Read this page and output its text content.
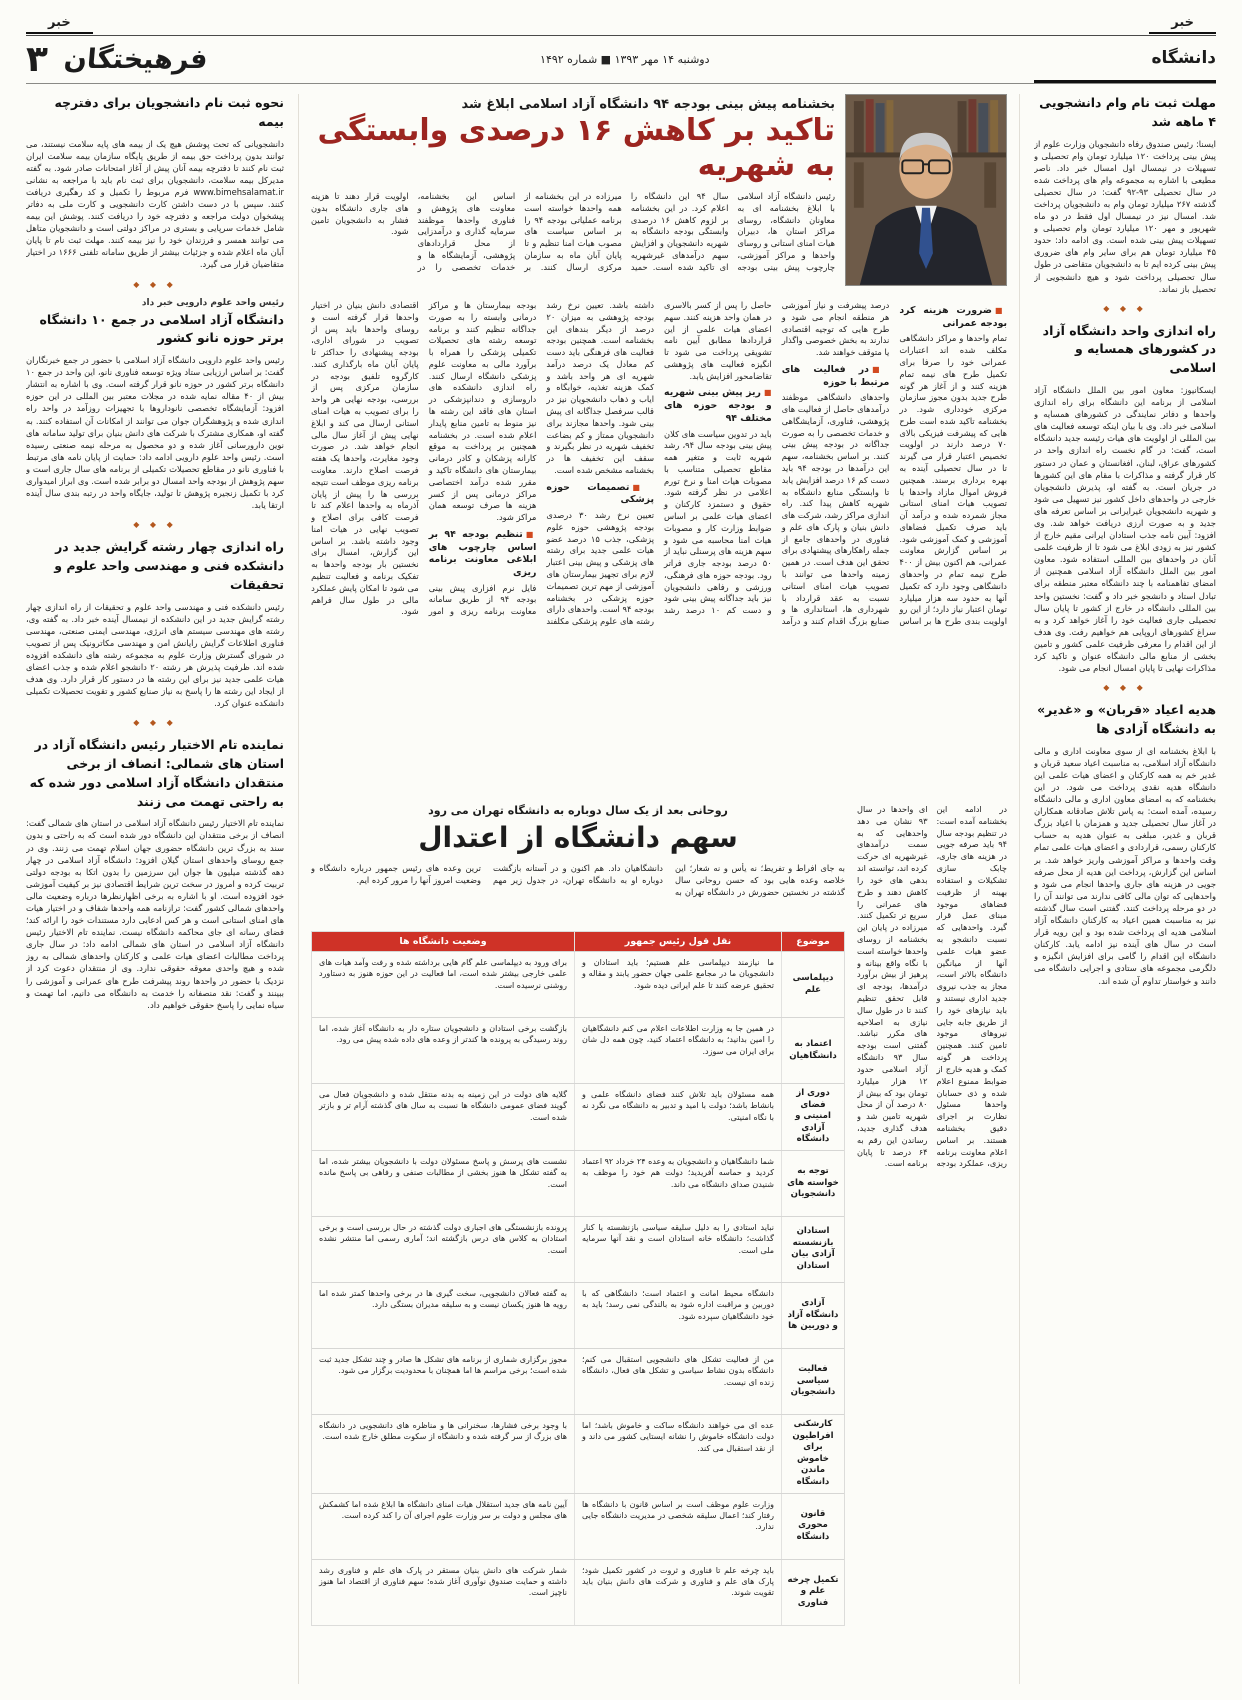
خبر
خبر
دانشگاه
دوشنبه ۱۴ مهر ۱۳۹۳ ■ شماره ۱۴۹۲
فرهیختگان
۳
مهلت ثبت نام وام دانشجویی ۴ ماهه شد

ایسنا: رئیس صندوق رفاه دانشجویان وزارت علوم از پیش بینی پرداخت ۱۲۰ میلیارد تومان وام تحصیلی و تسهیلات در نیمسال اول امسال خبر داد. ناصر مطیعی با اشاره به مجموعه وام های پرداخت شده در سال تحصیلی ۹۳-۹۲ گفت: در سال تحصیلی گذشته ۲۶۷ میلیارد تومان وام به دانشجویان پرداخت شد. امسال نیز در نیمسال اول فقط در دو ماه شهریور و مهر ۱۲۰ میلیارد تومان وام تحصیلی و تسهیلات پیش بینی شده است. وی ادامه داد: حدود ۴۵ میلیارد تومان هم برای سایر وام های ضروری پیش بینی کرده ایم تا به دانشجویان متقاضی در طول سال تحصیلی پرداخت شود و هیچ دانشجویی از تحصیل باز نماند.

◆ ◆ ◆
راه اندازی واحد دانشگاه آزاد در کشورهای همسایه و اسلامی

ایسکانیوز: معاون امور بین الملل دانشگاه آزاد اسلامی از برنامه این دانشگاه برای راه اندازی واحدها و دفاتر نمایندگی در کشورهای همسایه و اسلامی خبر داد. وی با بیان اینکه توسعه فعالیت های بین المللی از اولویت های هیات رئیسه جدید دانشگاه است، گفت: در گام نخست راه اندازی واحد در کشورهای عراق، لبنان، افغانستان و عمان در دستور کار قرار گرفته و مذاکرات با مقام های این کشورها در جریان است. به گفته او، پذیرش دانشجویان خارجی در واحدهای داخل کشور نیز تسهیل می شود و شهریه دانشجویان غیرایرانی بر اساس تعرفه های جدید و به صورت ارزی دریافت خواهد شد. وی افزود: آیین نامه جذب استادان ایرانی مقیم خارج از کشور نیز به زودی ابلاغ می شود تا از ظرفیت علمی آنان در واحدهای بین المللی استفاده شود. معاون امور بین الملل دانشگاه آزاد اسلامی همچنین از امضای تفاهمنامه با چند دانشگاه معتبر منطقه برای تبادل استاد و دانشجو خبر داد و گفت: نخستین واحد بین المللی دانشگاه در خارج از کشور تا پایان سال تحصیلی جاری فعالیت خود را آغاز خواهد کرد و به سراغ کشورهای اروپایی هم خواهیم رفت. وی هدف از این اقدام را معرفی ظرفیت علمی کشور و تامین بخشی از منابع مالی دانشگاه عنوان و تاکید کرد مذاکرات نهایی تا پایان امسال انجام می شود.

◆ ◆ ◆
هدیه اعیاد «قربان» و «غدیر» به دانشگاه آزادی ها

با ابلاغ بخشنامه ای از سوی معاونت اداری و مالی دانشگاه آزاد اسلامی، به مناسبت اعیاد سعید قربان و غدیر خم به همه کارکنان و اعضای هیات علمی این دانشگاه هدیه نقدی پرداخت می شود. در این بخشنامه که به امضای معاون اداری و مالی دانشگاه رسیده، آمده است: به پاس تلاش صادقانه همکاران در آغاز سال تحصیلی جدید و همزمان با اعیاد بزرگ قربان و غدیر، مبلغی به عنوان هدیه به حساب کارکنان رسمی، قراردادی و اعضای هیات علمی تمام وقت واحدها و مراکز آموزشی واریز خواهد شد. بر اساس این گزارش، پرداخت این هدیه از محل صرفه جویی در هزینه های جاری واحدها انجام می شود و واحدهایی که توان مالی کافی ندارند می توانند آن را در دو مرحله پرداخت کنند. گفتنی است سال گذشته نیز به مناسبت همین اعیاد به کارکنان دانشگاه آزاد اسلامی هدیه ای پرداخت شده بود و این رویه قرار است در سال های آینده نیز ادامه یابد. کارکنان دانشگاه این اقدام را گامی برای افزایش انگیزه و دلگرمی مجموعه های ستادی و اجرایی دانشگاه می دانند و خواستار تداوم آن شده اند.

بخشنامه پیش بینی بودجه ۹۴ دانشگاه آزاد اسلامی ابلاغ شد
تاکید بر کاهش ۱۶ درصدی وابستگی به شهریه
رئیس دانشگاه آزاد اسلامی با ابلاغ بخشنامه ای به معاونان دانشگاه، روسای مراکز استان ها، دبیران هیات امنای استانی و روسای واحدها و مراکز آموزشی، چارچوب پیش بینی بودجه سال ۹۴ این دانشگاه را اعلام کرد. در این بخشنامه بر لزوم کاهش ۱۶ درصدی وابستگی بودجه دانشگاه به شهریه دانشجویان و افزایش سهم درآمدهای غیرشهریه ای تاکید شده است. حمید میرزاده در این بخشنامه از همه واحدها خواسته است برنامه عملیاتی بودجه ۹۴ را بر اساس سیاست های مصوب هیات امنا تنظیم و تا پایان آبان ماه به سازمان مرکزی ارسال کنند. بر اساس این بخشنامه، معاونت های پژوهش و فناوری واحدها موظفند سرمایه گذاری و درآمدزایی از محل قراردادهای پژوهشی، آزمایشگاه ها و خدمات تخصصی را در اولویت قرار دهند تا هزینه های جاری دانشگاه بدون فشار به دانشجویان تامین شود.
■ضرورت هزینه کرد بودجه عمرانی

تمام واحدها و مراکز دانشگاهی مکلف شده اند اعتبارات عمرانی خود را صرفا برای تکمیل طرح های نیمه تمام هزینه کنند و از آغاز هر گونه طرح جدید بدون مجوز سازمان مرکزی خودداری شود. در بخشنامه تاکید شده است طرح هایی که پیشرفت فیزیکی بالای ۷۰ درصد دارند در اولویت تخصیص اعتبار قرار می گیرند تا در سال تحصیلی آینده به بهره برداری برسند. همچنین فروش اموال مازاد واحدها با تصویب هیات امنای استانی مجاز شمرده شده و درآمد آن باید صرف تکمیل فضاهای آموزشی و کمک آموزشی شود. بر اساس گزارش معاونت عمرانی، هم اکنون بیش از ۴۰۰ طرح نیمه تمام در واحدهای دانشگاهی وجود دارد که تکمیل آنها به حدود سه هزار میلیارد تومان اعتبار نیاز دارد؛ از این رو اولویت بندی طرح ها بر اساس درصد پیشرفت و نیاز آموزشی هر منطقه انجام می شود و طرح هایی که توجیه اقتصادی ندارند به بخش خصوصی واگذار یا متوقف خواهند شد.

■در فعالیت های مرتبط با حوزه

واحدهای دانشگاهی موظفند درآمدهای حاصل از فعالیت های پژوهشی، فناوری، آزمایشگاهی و خدمات تخصصی را به صورت جداگانه در بودجه پیش بینی کنند. بر اساس بخشنامه، سهم این درآمدها در بودجه ۹۴ باید دست کم ۱۶ درصد افزایش یابد تا وابستگی منابع دانشگاه به شهریه کاهش پیدا کند. راه اندازی مراکز رشد، شرکت های دانش بنیان و پارک های علم و فناوری در واحدهای جامع از جمله راهکارهای پیشنهادی برای تحقق این هدف است. در همین زمینه واحدها می توانند با تصویب هیات امنای استانی نسبت به عقد قرارداد با شهرداری ها، استانداری ها و صنایع بزرگ اقدام کنند و درآمد حاصل را پس از کسر بالاسری در همان واحد هزینه کنند. سهم اعضای هیات علمی از این قراردادها مطابق آیین نامه تشویقی پرداخت می شود تا انگیزه فعالیت های پژوهشی تقاضامحور افزایش یابد.

■ریز پیش بینی شهریه و بودجه حوزه های مختلف ۹۴

باید در تدوین سیاست های کلان پیش بینی بودجه سال ۹۴، رشد شهریه ثابت و متغیر همه مقاطع تحصیلی متناسب با مصوبات هیات امنا و نرخ تورم اعلامی در نظر گرفته شود. حقوق و دستمزد کارکنان و اعضای هیات علمی بر اساس ضوابط وزارت کار و مصوبات هیات امنا محاسبه می شود و سهم هزینه های پرسنلی نباید از ۵۰ درصد بودجه جاری فراتر رود. بودجه حوزه های فرهنگی، ورزشی و رفاهی دانشجویان نیز باید جداگانه پیش بینی شود و دست کم ۱۰ درصد رشد داشته باشد. تعیین نرخ رشد بودجه پژوهشی به میزان ۲۰ درصد از دیگر بندهای این بخشنامه است. همچنین بودجه فعالیت های فرهنگی باید دست کم معادل یک درصد درآمد شهریه ای هر واحد باشد و کمک هزینه تغذیه، خوابگاه و ایاب و ذهاب دانشجویان نیز در قالب سرفصل جداگانه ای پیش بینی شود. واحدها مجازند برای دانشجویان ممتاز و کم بضاعت تخفیف شهریه در نظر بگیرند و سقف این تخفیف ها در بخشنامه مشخص شده است.

■تصمیمات حوزه پزشکی

تعیین نرخ رشد ۳۰ درصدی بودجه پژوهشی حوزه علوم پزشکی، جذب ۱۵ درصد عضو هیات علمی جدید برای رشته های پزشکی و پیش بینی اعتبار لازم برای تجهیز بیمارستان های آموزشی از مهم ترین تصمیمات حوزه پزشکی در بخشنامه بودجه ۹۴ است. واحدهای دارای رشته های علوم پزشکی مکلفند بودجه بیمارستان ها و مراکز درمانی وابسته را به صورت جداگانه تنظیم کنند و برنامه توسعه رشته های تحصیلات تکمیلی پزشکی را همراه با برآورد مالی به معاونت علوم پزشکی دانشگاه ارسال کنند. راه اندازی دانشکده های داروسازی و دندانپزشکی در استان های فاقد این رشته ها نیز منوط به تامین منابع پایدار اعلام شده است. در بخشنامه همچنین بر پرداخت به موقع کارانه پزشکان و کادر درمانی بیمارستان های دانشگاه تاکید و مقرر شده درآمد اختصاصی مراکز درمانی پس از کسر هزینه ها صرف توسعه همان مراکز شود.

■تنظیم بودجه ۹۴ بر اساس چارچوب های ابلاغی معاونت برنامه ریزی

فایل نرم افزاری پیش بینی بودجه ۹۴ از طریق سامانه معاونت برنامه ریزی و امور اقتصادی دانش بنیان در اختیار واحدها قرار گرفته است و روسای واحدها باید پس از تصویب در شورای اداری، بودجه پیشنهادی را حداکثر تا پایان آبان ماه بارگذاری کنند. کارگروه تلفیق بودجه در سازمان مرکزی پس از بررسی، بودجه نهایی هر واحد را برای تصویب به هیات امنای استانی ارسال می کند و ابلاغ نهایی پیش از آغاز سال مالی انجام خواهد شد. در صورت وجود مغایرت، واحدها یک هفته فرصت اصلاح دارند. معاونت برنامه ریزی موظف است نتیجه بررسی ها را پیش از پایان آذرماه به واحدها اعلام کند تا فرصت کافی برای اصلاح و تصویب نهایی در هیات امنا وجود داشته باشد. بر اساس این گزارش، امسال برای نخستین بار بودجه واحدها به تفکیک برنامه و فعالیت تنظیم می شود تا امکان پایش عملکرد مالی در طول سال فراهم شود.

در ادامه این بخشنامه آمده است: در تنظیم بودجه سال ۹۴ باید صرفه جویی در هزینه های جاری، چابک سازی تشکیلات و استفاده بهینه از ظرفیت فضاهای موجود مبنای عمل قرار گیرد. واحدهایی که نسبت دانشجو به عضو هیات علمی آنها از میانگین دانشگاه بالاتر است، مجاز به جذب نیروی جدید اداری نیستند و باید نیازهای خود را از طریق جابه جایی نیروهای موجود تامین کنند. همچنین پرداخت هر گونه کمک و هدیه خارج از ضوابط ممنوع اعلام شده و ذی حسابان واحدها مسئول نظارت بر اجرای دقیق بخشنامه هستند. بر اساس اعلام معاونت برنامه ریزی، عملکرد بودجه ای واحدها در سال ۹۳ نشان می دهد واحدهایی که به سمت درآمدهای غیرشهریه ای حرکت کرده اند، توانسته اند بدهی های خود را کاهش دهند و طرح های عمرانی را سریع تر تکمیل کنند. میرزاده در پایان این بخشنامه از روسای واحدها خواسته است با نگاه واقع بینانه و پرهیز از بیش برآورد درآمدها، بودجه ای قابل تحقق تنظیم کنند تا در طول سال نیازی به اصلاحیه های مکرر نباشد. گفتنی است بودجه سال ۹۳ دانشگاه آزاد اسلامی حدود ۱۲ هزار میلیارد تومان بود که بیش از ۸۰ درصد آن از محل شهریه تامین شد و هدف گذاری جدید، رساندن این رقم به ۶۴ درصد تا پایان برنامه است.
روحانی بعد از یک سال دوباره به دانشگاه تهران می رود
سهم دانشگاه از اعتدال
به جای افراط و تفریط؛ نه یأس و نه شعار؛ این خلاصه وعده هایی بود که حسن روحانی سال گذشته در نخستین حضورش در دانشگاه تهران به دانشگاهیان داد. هم اکنون و در آستانه بازگشت دوباره او به دانشگاه تهران، در جدول زیر مهم ترین وعده های رئیس جمهور درباره دانشگاه و وضعیت امروز آنها را مرور کرده ایم.
موضوع
نقل قول رئیس جمهور
وضعیت دانشگاه ها
دیپلماسی علم
ما نیازمند دیپلماسی علم هستیم؛ باید استادان و دانشجویان ما در مجامع علمی جهان حضور یابند و مقاله و تحقیق عرضه کنند تا علم ایرانی دیده شود.
برای ورود به دیپلماسی علم گام هایی برداشته شده و رفت وآمد هیات های علمی خارجی بیشتر شده است، اما فعالیت در این حوزه هنوز به دستاورد روشنی نرسیده است.
اعتماد به دانشگاهیان
در همین جا به وزارت اطلاعات اعلام می کنم دانشگاهیان را امین بدانید؛ به دانشگاه اعتماد کنید، چون همه دل شان برای ایران می سوزد.
بازگشت برخی استادان و دانشجویان ستاره دار به دانشگاه آغاز شده، اما روند رسیدگی به پرونده ها کندتر از وعده های داده شده پیش می رود.
دوری از فضای امنیتی و آزادی دانشگاه
همه مسئولان باید تلاش کنند فضای دانشگاه علمی و بانشاط باشد؛ دولت با امید و تدبیر به دانشگاه می نگرد نه با نگاه امنیتی.
گلایه های دولت در این زمینه به بدنه منتقل شده و دانشجویان فعال می گویند فضای عمومی دانشگاه ها نسبت به سال های گذشته آرام تر و بازتر شده است.
توجه به خواسته های دانشجویان
شما دانشگاهیان و دانشجویان به وعده ۲۴ خرداد ۹۲ اعتماد کردید و حماسه آفریدید؛ دولت هم خود را موظف به شنیدن صدای دانشگاه می داند.
نشست های پرسش و پاسخ مسئولان دولت با دانشجویان بیشتر شده، اما به گفته تشکل ها هنوز بخشی از مطالبات صنفی و رفاهی بی پاسخ مانده است.
استادان بازنشسته آزادی بیان استادان
نباید استادی را به دلیل سلیقه سیاسی بازنشسته یا کنار گذاشت؛ دانشگاه خانه استادان است و نقد آنها سرمایه ملی است.
پرونده بازنشستگی های اجباری دولت گذشته در حال بررسی است و برخی استادان به کلاس های درس بازگشته اند؛ آماری رسمی اما منتشر نشده است.
آزادی دانشگاه آزاد و دوربین ها
دانشگاه محیط امانت و اعتماد است؛ دانشگاهی که با دوربین و مراقبت اداره شود به بالندگی نمی رسد؛ باید به خود دانشگاهیان سپرده شود.
به گفته فعالان دانشجویی، سخت گیری ها در برخی واحدها کمتر شده اما رویه ها هنوز یکسان نیست و به سلیقه مدیران بستگی دارد.
فعالیت سیاسی دانشجویان
من از فعالیت تشکل های دانشجویی استقبال می کنم؛ دانشگاه بدون نشاط سیاسی و تشکل های فعال، دانشگاه زنده ای نیست.
مجوز برگزاری شماری از برنامه های تشکل ها صادر و چند تشکل جدید ثبت شده است؛ برخی مراسم ها اما همچنان با محدودیت برگزار می شود.
کارشکنی افراطیون برای خاموش ماندن دانشگاه
عده ای می خواهند دانشگاه ساکت و خاموش باشد؛ اما دولت دانشگاه خاموش را نشانه ایستایی کشور می داند و از نقد استقبال می کند.
با وجود برخی فشارها، سخنرانی ها و مناظره های دانشجویی در دانشگاه های بزرگ از سر گرفته شده و دانشگاه از سکوت مطلق خارج شده است.
قانون محوری دانشگاه
وزارت علوم موظف است بر اساس قانون با دانشگاه ها رفتار کند؛ اعمال سلیقه شخصی در مدیریت دانشگاه جایی ندارد.
آیین نامه های جدید استقلال هیات امنای دانشگاه ها ابلاغ شده اما کشمکش های مجلس و دولت بر سر وزارت علوم اجرای آن را کند کرده است.
تکمیل چرخه علم و فناوری
باید چرخه علم تا فناوری و ثروت در کشور تکمیل شود؛ پارک های علم و فناوری و شرکت های دانش بنیان باید تقویت شوند.
شمار شرکت های دانش بنیان مستقر در پارک های علم و فناوری رشد داشته و حمایت صندوق نوآوری آغاز شده؛ سهم فناوری از اقتصاد اما هنوز ناچیز است.
نحوه ثبت نام دانشجویان برای دفترچه بیمه

دانشجویانی که تحت پوشش هیچ یک از بیمه های پایه سلامت نیستند، می توانند بدون پرداخت حق بیمه از طریق پایگاه سازمان بیمه سلامت ایران ثبت نام کنند تا دفترچه بیمه آنان پیش از آغاز امتحانات صادر شود. به گفته مدیرکل بیمه سلامت، دانشجویان برای ثبت نام باید با مراجعه به نشانی www.bimehsalamat.ir فرم مربوط را تکمیل و کد رهگیری دریافت کنند. سپس با در دست داشتن کارت دانشجویی و کارت ملی به دفاتر پیشخوان دولت مراجعه و دفترچه خود را دریافت کنند. پوشش این بیمه شامل خدمات سرپایی و بستری در مراکز دولتی است و دانشجویان متاهل می توانند همسر و فرزندان خود را نیز بیمه کنند. مهلت ثبت نام تا پایان آبان ماه اعلام شده و جزئیات بیشتر از طریق سامانه تلفنی ۱۶۶۶ در اختیار متقاضیان قرار می گیرد.

◆ ◆ ◆
رئیس واحد علوم دارویی خبر داد
دانشگاه آزاد اسلامی در جمع ۱۰ دانشگاه برتر حوزه نانو کشور

رئیس واحد علوم دارویی دانشگاه آزاد اسلامی با حضور در جمع خبرنگاران گفت: بر اساس ارزیابی ستاد ویژه توسعه فناوری نانو، این واحد در جمع ۱۰ دانشگاه برتر کشور در حوزه نانو قرار گرفته است. وی با اشاره به انتشار بیش از ۴۰ مقاله نمایه شده در مجلات معتبر بین المللی در این حوزه افزود: آزمایشگاه تخصصی نانوداروها با تجهیزات روزآمد در واحد راه اندازی شده و پژوهشگران جوان می توانند از امکانات آن استفاده کنند. به گفته او، همکاری مشترک با شرکت های دانش بنیان برای تولید سامانه های نوین دارورسانی آغاز شده و دو محصول به مرحله نیمه صنعتی رسیده است. رئیس واحد علوم دارویی ادامه داد: حمایت از پایان نامه های مرتبط با فناوری نانو در مقاطع تحصیلات تکمیلی از برنامه های سال جاری است و سهم پژوهش از بودجه واحد امسال دو برابر شده است. وی ابراز امیدواری کرد با تکمیل زنجیره پژوهش تا تولید، جایگاه واحد در رتبه بندی سال آینده ارتقا یابد.

◆ ◆ ◆
راه اندازی چهار رشته گرایش جدید در دانشکده فنی و مهندسی واحد علوم و تحقیقات

رئیس دانشکده فنی و مهندسی واحد علوم و تحقیقات از راه اندازی چهار رشته گرایش جدید در این دانشکده از نیمسال آینده خبر داد. به گفته وی، رشته های مهندسی سیستم های انرژی، مهندسی ایمنی صنعتی، مهندسی فناوری اطلاعات گرایش رایانش امن و مهندسی مکاترونیک پس از تصویب در شورای گسترش وزارت علوم به مجموعه رشته های دانشکده افزوده شده اند. ظرفیت پذیرش هر رشته ۲۰ دانشجو اعلام شده و جذب اعضای هیات علمی جدید نیز برای این رشته ها در دستور کار قرار دارد. وی هدف از ایجاد این رشته ها را پاسخ به نیاز صنایع کشور و تقویت تحصیلات تکمیلی دانشکده عنوان کرد.

◆ ◆ ◆
نماینده تام الاختیار رئیس دانشگاه آزاد در استان های شمالی: انصاف از برخی منتقدان دانشگاه آزاد اسلامی دور شده که به راحتی تهمت می زنند

نماینده تام الاختیار رئیس دانشگاه آزاد اسلامی در استان های شمالی گفت: انصاف از برخی منتقدان این دانشگاه دور شده است که به راحتی و بدون سند به بزرگ ترین دانشگاه حضوری جهان اسلام تهمت می زنند. وی در جمع روسای واحدهای استان گیلان افزود: دانشگاه آزاد اسلامی در چهار دهه گذشته میلیون ها جوان این سرزمین را بدون اتکا به بودجه دولتی تربیت کرده و امروز در سخت ترین شرایط اقتصادی نیز بر کیفیت آموزشی خود افزوده است. او با اشاره به برخی اظهارنظرها درباره وضعیت مالی واحدهای شمالی کشور گفت: ترازنامه همه واحدها شفاف و در اختیار هیات های امنای استانی است و هر کس ادعایی دارد مستندات خود را ارائه کند؛ فضای رسانه ای جای محاکمه دانشگاه نیست. نماینده تام الاختیار رئیس دانشگاه آزاد اسلامی در استان های شمالی ادامه داد: در سال جاری پرداخت مطالبات اعضای هیات علمی و کارکنان واحدهای شمالی به روز شده و هیچ واحدی معوقه حقوقی ندارد. وی از منتقدان دعوت کرد از نزدیک با حضور در واحدها روند پیشرفت طرح های عمرانی و آموزشی را ببینند و گفت: نقد منصفانه را خدمت به دانشگاه می دانیم، اما تهمت و سیاه نمایی را پاسخ حقوقی خواهیم داد.
